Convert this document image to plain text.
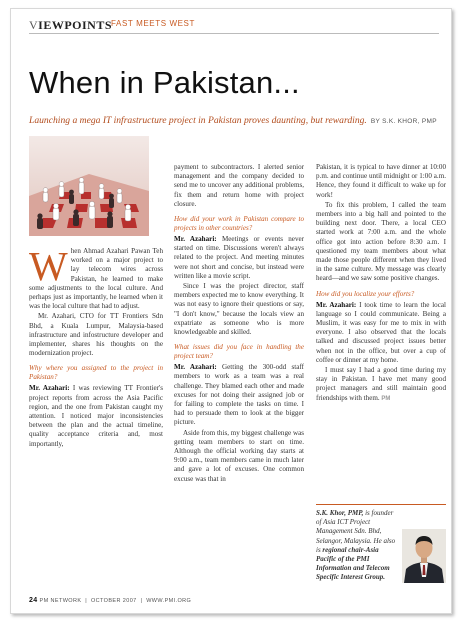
VIEWPOINTS
FAST MEETS WEST
When in Pakistan...
Launching a mega IT infrastructure project in Pakistan proves daunting, but rewarding. BY S.K. KHOR, PMP

When Ahmad Azahari Pawan Teh worked on a major project to lay telecom wires across Pakistan, he learned to make some adjustments to the local culture. And perhaps just as importantly, he learned when it was the local culture that had to adjust.

Mr. Azahari, CTO for TT Frontiers Sdn Bhd, a Kuala Lumpur, Malaysia-based infrastructure and infostructure developer and implementer, shares his thoughts on the modernization project.

Why where you assigned to the project in Pakistan?

Mr. Azahari: I was reviewing TT Frontier's project reports from across the Asia Pacific region, and the one from Pakistan caught my attention. I noticed major inconsistencies between the plan and the actual timeline, quality acceptance criteria and, most importantly,

payment to subcontractors. I alerted senior management and the company decided to send me to uncover any additional problems, fix them and return home with project closure.

How did your work in Pakistan compare to projects in other countries?

Mr. Azahari: Meetings or events never started on time. Discussions weren't always related to the project. And meeting minutes were not short and concise, but instead were written like a movie script.

Since I was the project director, staff members expected me to know everything. It was not easy to ignore their questions or say, "I don't know," because the locals view an expatriate as someone who is more knowledgeable and skilled.

What issues did you face in handling the project team?

Mr. Azahari: Getting the 300-odd staff members to work as a team was a real challenge. They blamed each other and made excuses for not doing their assigned job or for failing to complete the tasks on time. I had to persuade them to look at the bigger picture.

Aside from this, my biggest challenge was getting team members to start on time. Although the official working day starts at 9:00 a.m., team members came in much later and gave a lot of excuses. One common excuse was that in

Pakistan, it is typical to have dinner at 10:00 p.m. and continue until midnight or 1:00 a.m. Hence, they found it difficult to wake up for work!

To fix this problem, I called the team members into a big hall and pointed to the building next door. There, a local CEO started work at 7:00 a.m. and the whole office got into action before 8:30 a.m. I questioned my team members about what made those people different when they lived in the same culture. My message was clearly heard—and we saw some positive changes.

How did you localize your efforts?

Mr. Azahari: I took time to learn the local language so I could communicate. Being a Muslim, it was easy for me to mix in with everyone. I also observed that the locals talked and discussed project issues better when not in the office, but over a cup of coffee or dinner at my home.

I must say I had a good time during my stay in Pakistan. I have met many good project managers and still maintain good friendships with them. PM

S.K. Khor, PMP, is founder of Asia ICT Project Management Sdn. Bhd, Selangor, Malaysia. He also is regional chair-Asia Pacific of the PMI Information and Telecom Specific Interest Group.
24 PM NETWORK  |  OCTOBER 2007  |  WWW.PMI.ORG
